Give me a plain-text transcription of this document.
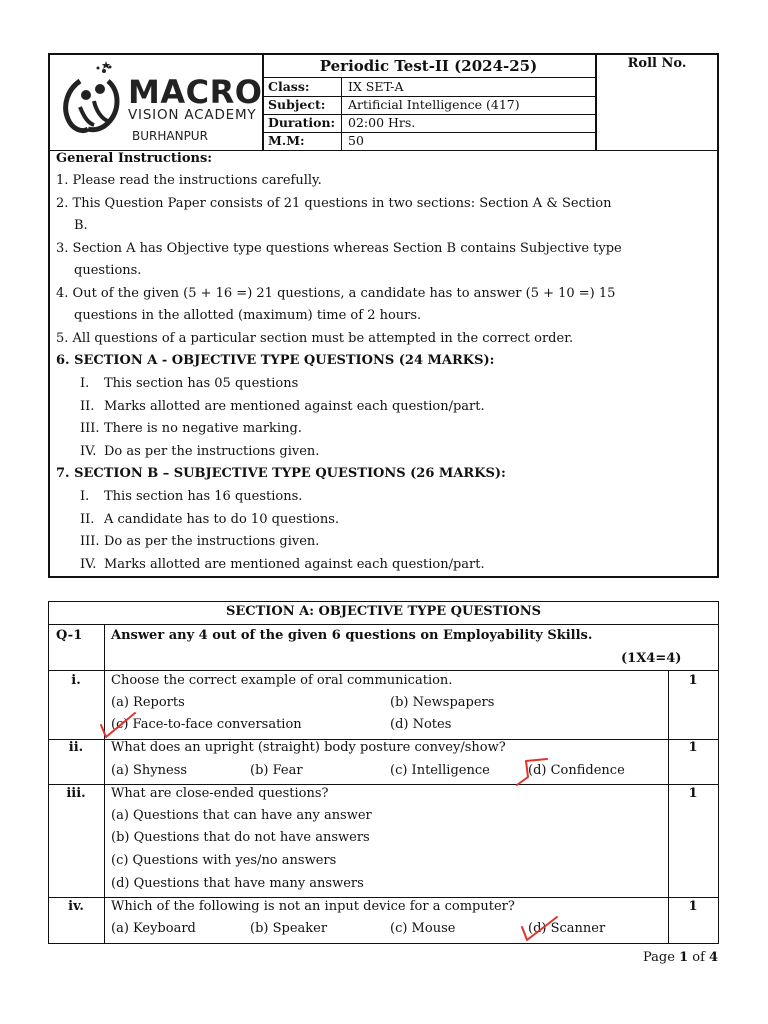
MACRO
VISION ACADEMY
BURHANPUR
Periodic Test-II (2024-25)
Class:	IX SET-A
Subject:	Artificial Intelligence (417)
Duration:	02:00 Hrs.
M.M:	50
Roll No.
General Instructions:
1. Please read the instructions carefully.
2. This Question Paper consists of 21 questions in two sections: Section A & Section
B.
3. Section A has Objective type questions whereas Section B contains Subjective type
questions.
4. Out of the given (5 + 16 =) 21 questions, a candidate has to answer (5 + 10 =) 15
questions in the allotted (maximum) time of 2 hours.
5. All questions of a particular section must be attempted in the correct order.
6. SECTION A - OBJECTIVE TYPE QUESTIONS (24 MARKS):
I. This section has 05 questions
II. Marks allotted are mentioned against each question/part.
III. There is no negative marking.
IV. Do as per the instructions given.
7. SECTION B – SUBJECTIVE TYPE QUESTIONS (26 MARKS):
I. This section has 16 questions.
II. A candidate has to do 10 questions.
III. Do as per the instructions given.
IV. Marks allotted are mentioned against each question/part.
SECTION A: OBJECTIVE TYPE QUESTIONS
Q-1 Answer any 4 out of the given 6 questions on Employability Skills.
(1X4=4)
i.	Choose the correct example of oral communication.	1
(a) Reports	(b) Newspapers
(c) Face-to-face conversation	(d) Notes
ii.	What does an upright (straight) body posture convey/show?	1
(a) Shyness	(b) Fear	(c) Intelligence	(d) Confidence
iii.	What are close-ended questions?	1
(a) Questions that can have any answer
(b) Questions that do not have answers
(c) Questions with yes/no answers
(d) Questions that have many answers
iv.	Which of the following is not an input device for a computer?	1
(a) Keyboard	(b) Speaker	(c) Mouse	(d) Scanner
Page 1 of 4
